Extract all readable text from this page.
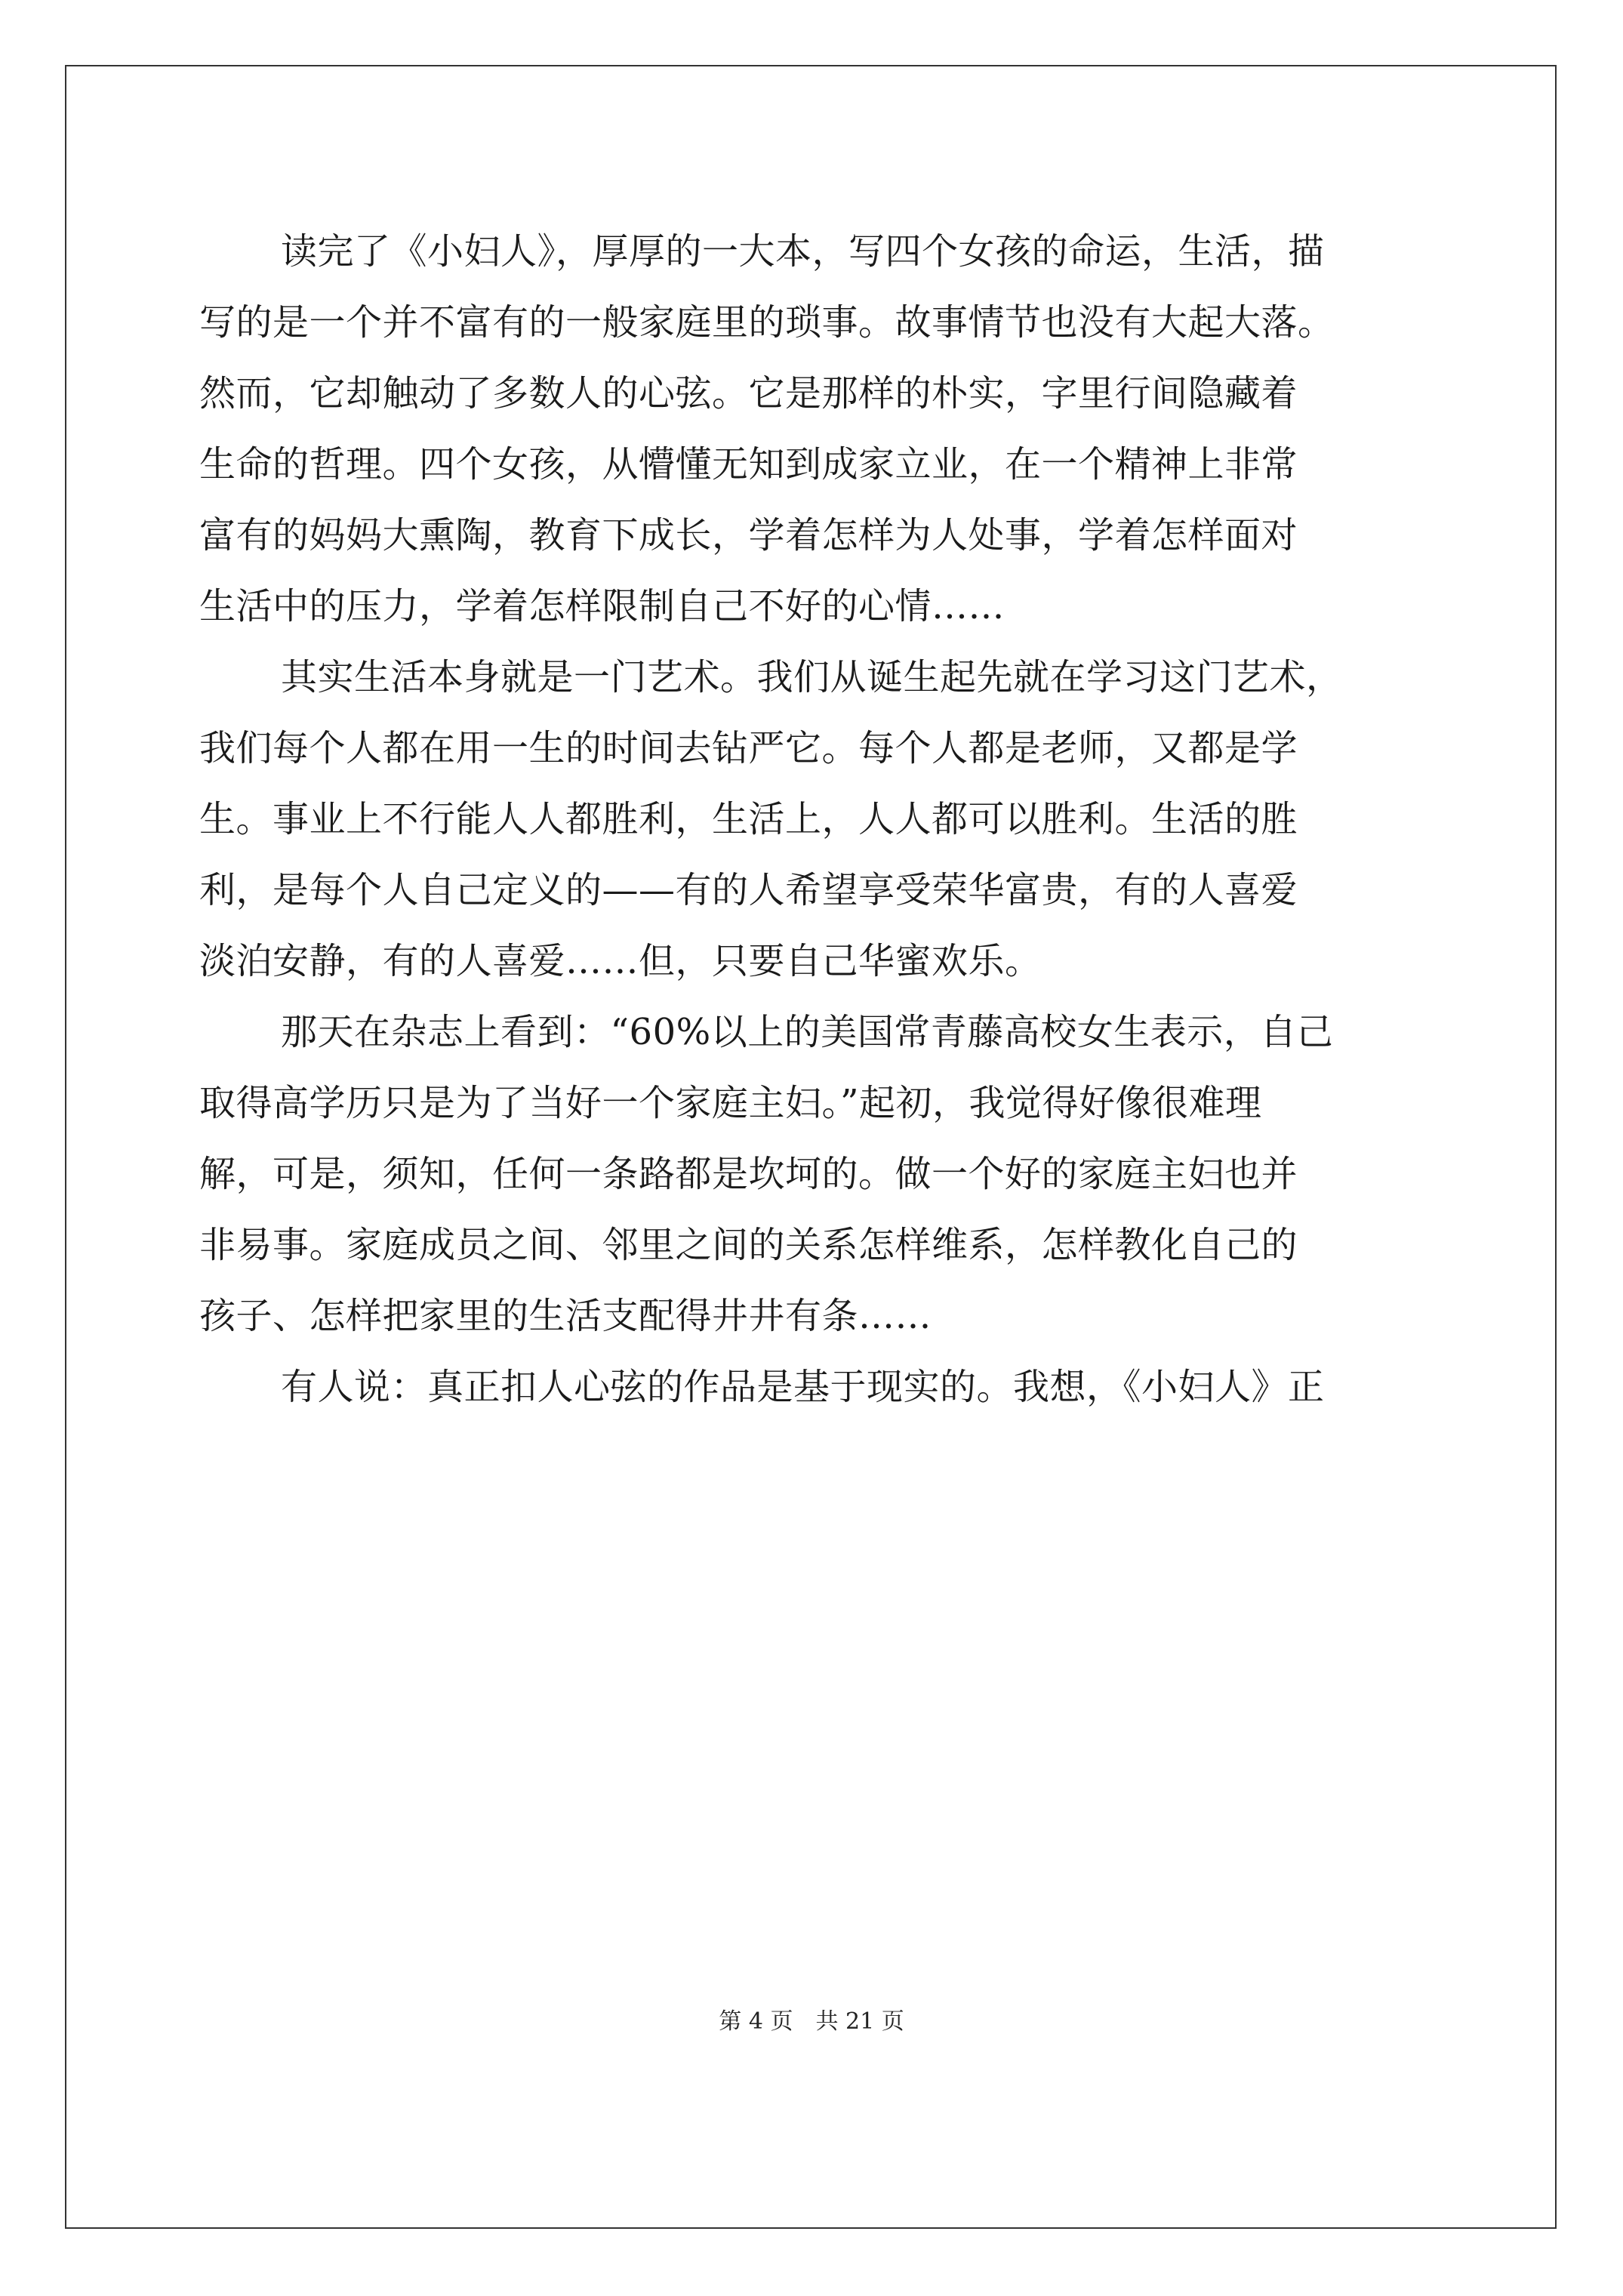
读完了《小妇人》，厚厚的一大本，写四个女孩的命运，生活，描
写的是一个并不富有的一般家庭里的琐事。故事情节也没有大起大落。
然而，它却触动了多数人的心弦。它是那样的朴实，字里行间隐藏着
生命的哲理。四个女孩，从懵懂无知到成家立业，在一个精神上非常
富有的妈妈大熏陶，教育下成长，学着怎样为人处事，学着怎样面对
生活中的压力，学着怎样限制自己不好的心情……
其实生活本身就是一门艺术。我们从诞生起先就在学习这门艺术，
我们每个人都在用一生的时间去钻严它。每个人都是老师，又都是学
生。事业上不行能人人都胜利，生活上，人人都可以胜利。生活的胜
利，是每个人自己定义的——有的人希望享受荣华富贵，有的人喜爱
淡泊安静，有的人喜爱……但，只要自己华蜜欢乐。
那天在杂志上看到：“60%以上的美国常青藤高校女生表示，自己
取得高学历只是为了当好一个家庭主妇。”起初，我觉得好像很难理
解，可是，须知，任何一条路都是坎坷的。做一个好的家庭主妇也并
非易事。家庭成员之间、邻里之间的关系怎样维系，怎样教化自己的
孩子、怎样把家里的生活支配得井井有条……
有人说：真正扣人心弦的作品是基于现实的。我想，《小妇人》正
第 4 页 共 21 页
